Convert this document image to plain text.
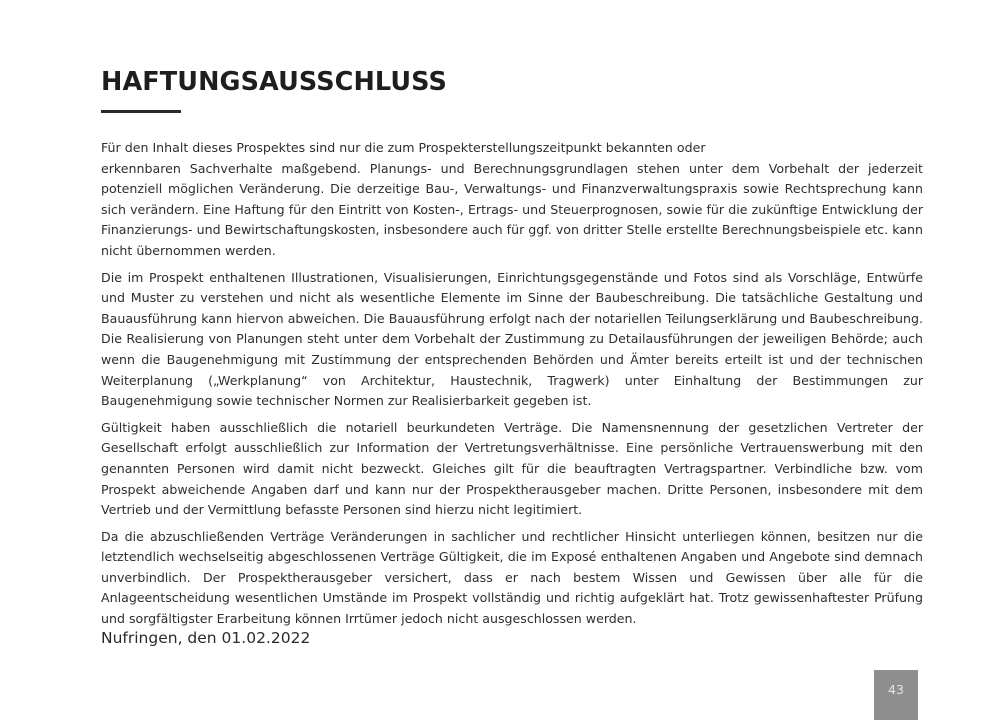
HAFTUNGSAUSSCHLUSS

Für den Inhalt dieses Prospektes sind nur die zum Prospekterstellungszeitpunkt bekannten oder
erkennbaren Sachverhalte maßgebend. Planungs- und Berechnungsgrundlagen stehen unter dem Vorbehalt der jederzeit potenziell möglichen Veränderung. Die derzeitige Bau-, Verwaltungs- und Finanzverwaltungspraxis sowie Rechtsprechung kann sich verändern. Eine Haftung für den Eintritt von Kosten-, Ertrags- und Steuerprognosen, sowie für die zukünftige Entwicklung der Finanzierungs- und Bewirtschaftungskosten, insbesondere auch für ggf. von dritter Stelle erstellte Berechnungsbeispiele etc. kann nicht übernommen werden.

Die im Prospekt enthaltenen Illustrationen, Visualisierungen, Einrichtungsgegenstände und Fotos sind als Vorschläge, Entwürfe und Muster zu verstehen und nicht als wesentliche Elemente im Sinne der Baubeschreibung. Die tatsächliche Gestaltung und Bauausführung kann hiervon abweichen. Die Bauausführung erfolgt nach der notariellen Teilungserklärung und Baubeschreibung. Die Realisierung von Planungen steht unter dem Vorbehalt der Zustimmung zu Detailausführungen der jeweiligen Behörde; auch wenn die Baugenehmigung mit Zustimmung der entsprechenden Behörden und Ämter bereits erteilt ist und der technischen Weiterplanung („Werkplanung“ von Architektur, Haustechnik, Tragwerk) unter Einhaltung der Bestimmungen zur Baugenehmigung sowie technischer Normen zur Realisierbarkeit gegeben ist.

Gültigkeit haben ausschließlich die notariell beurkundeten Verträge. Die Namensnennung der gesetzlichen Vertreter der Gesellschaft erfolgt ausschließlich zur Information der Vertretungsverhältnisse. Eine persönliche Vertrauenswerbung mit den genannten Personen wird damit nicht bezweckt. Gleiches gilt für die beauftragten Vertragspartner. Verbindliche bzw. vom Prospekt abweichende Angaben darf und kann nur der Prospektherausgeber machen. Dritte Personen, insbesondere mit dem Vertrieb und der Vermittlung befasste Personen sind hierzu nicht legitimiert.

Da die abzuschließenden Verträge Veränderungen in sachlicher und rechtlicher Hinsicht unterliegen können, besitzen nur die letztendlich wechselseitig abgeschlossenen Verträge Gültigkeit, die im Exposé enthaltenen Angaben und Angebote sind demnach unverbindlich. Der Prospektherausgeber versichert, dass er nach bestem Wissen und Gewissen über alle für die Anlageentscheidung wesentlichen Umstände im Prospekt vollständig und richtig aufgeklärt hat. Trotz gewissenhaftester Prüfung und sorgfältigster Erarbeitung können Irrtümer jedoch nicht ausgeschlossen werden.

Nufringen, den 01.02.2022
43
